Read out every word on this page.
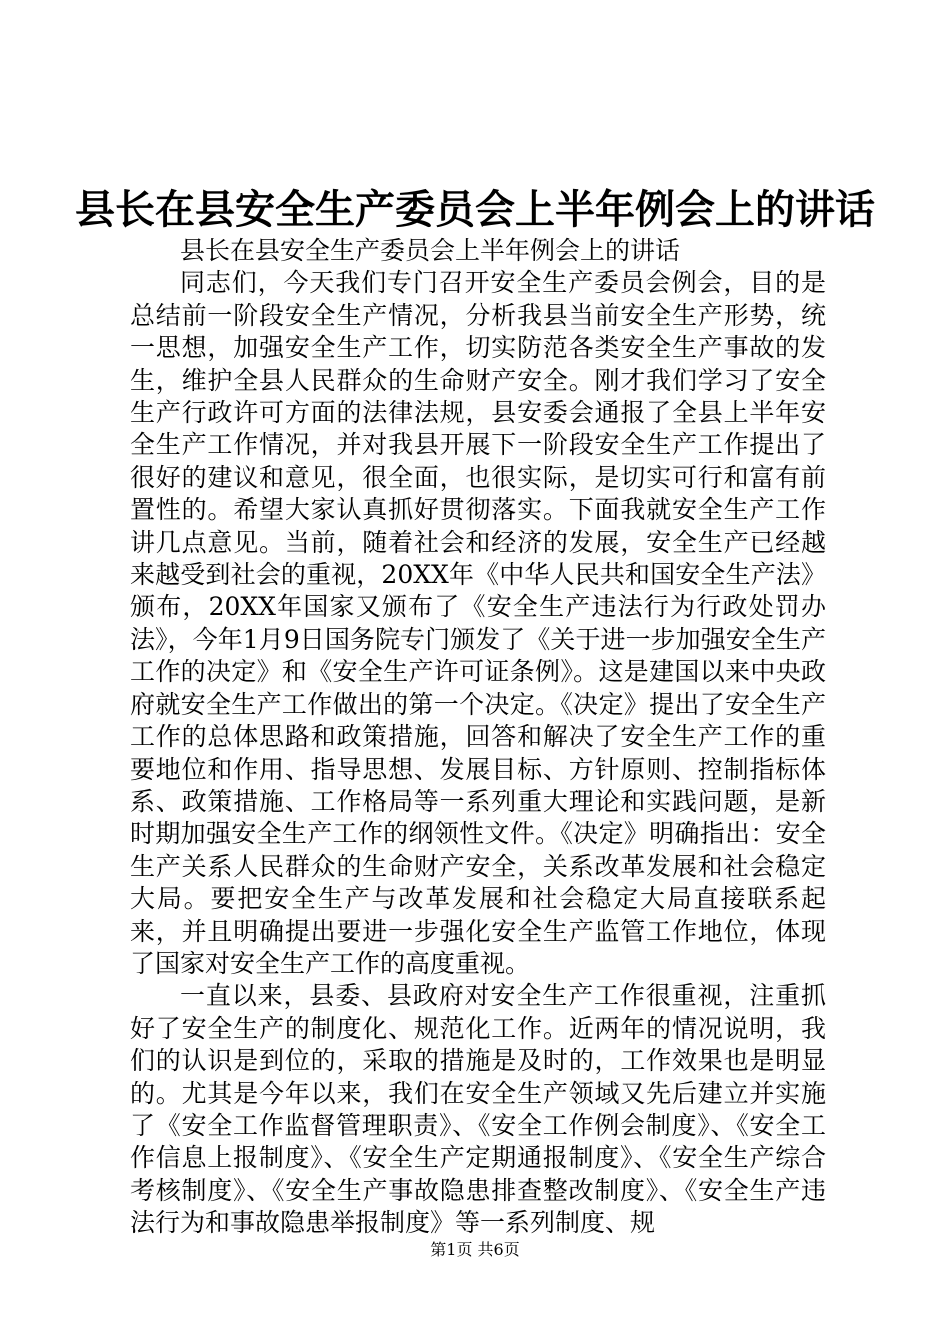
县长在县安全生产委员会上半年例会上的讲话

县长在县安全生产委员会上半年例会上的讲话

同志们，今天我们专门召开安全生产委员会例会，目的是总结前一阶段安全生产情况，分析我县当前安全生产形势，统一思想，加强安全生产工作，切实防范各类安全生产事故的发生，维护全县人民群众的生命财产安全。刚才我们学习了安全生产行政许可方面的法律法规，县安委会通报了全县上半年安全生产工作情况，并对我县开展下一阶段安全生产工作提出了很好的建议和意见，很全面，也很实际，是切实可行和富有前置性的。希望大家认真抓好贯彻落实。下面我就安全生产工作讲几点意见。当前，随着社会和经济的发展，安全生产已经越来越受到社会的重视，20XX年《中华人民共和国安全生产法》颁布，20XX年国家又颁布了《安全生产违法行为行政处罚办法》，今年1月9日国务院专门颁发了《关于进一步加强安全生产工作的决定》和《安全生产许可证条例》。这是建国以来中央政府就安全生产工作做出的第一个决定。《决定》提出了安全生产工作的总体思路和政策措施，回答和解决了安全生产工作的重要地位和作用、指导思想、发展目标、方针原则、控制指标体系、政策措施、工作格局等一系列重大理论和实践问题，是新时期加强安全生产工作的纲领性文件。《决定》明确指出：安全生产关系人民群众的生命财产安全，关系改革发展和社会稳定大局。要把安全生产与改革发展和社会稳定大局直接联系起来，并且明确提出要进一步强化安全生产监管工作地位，体现了国家对安全生产工作的高度重视。

一直以来，县委、县政府对安全生产工作很重视，注重抓好了安全生产的制度化、规范化工作。近两年的情况说明，我们的认识是到位的，采取的措施是及时的，工作效果也是明显的。尤其是今年以来，我们在安全生产领域又先后建立并实施了《安全工作监督管理职责》、《安全工作例会制度》、《安全工作信息上报制度》、《安全生产定期通报制度》、《安全生产综合考核制度》、《安全生产事故隐患排查整改制度》、《安全生产违法行为和事故隐患举报制度》等一系列制度、规

第1页 共6页
